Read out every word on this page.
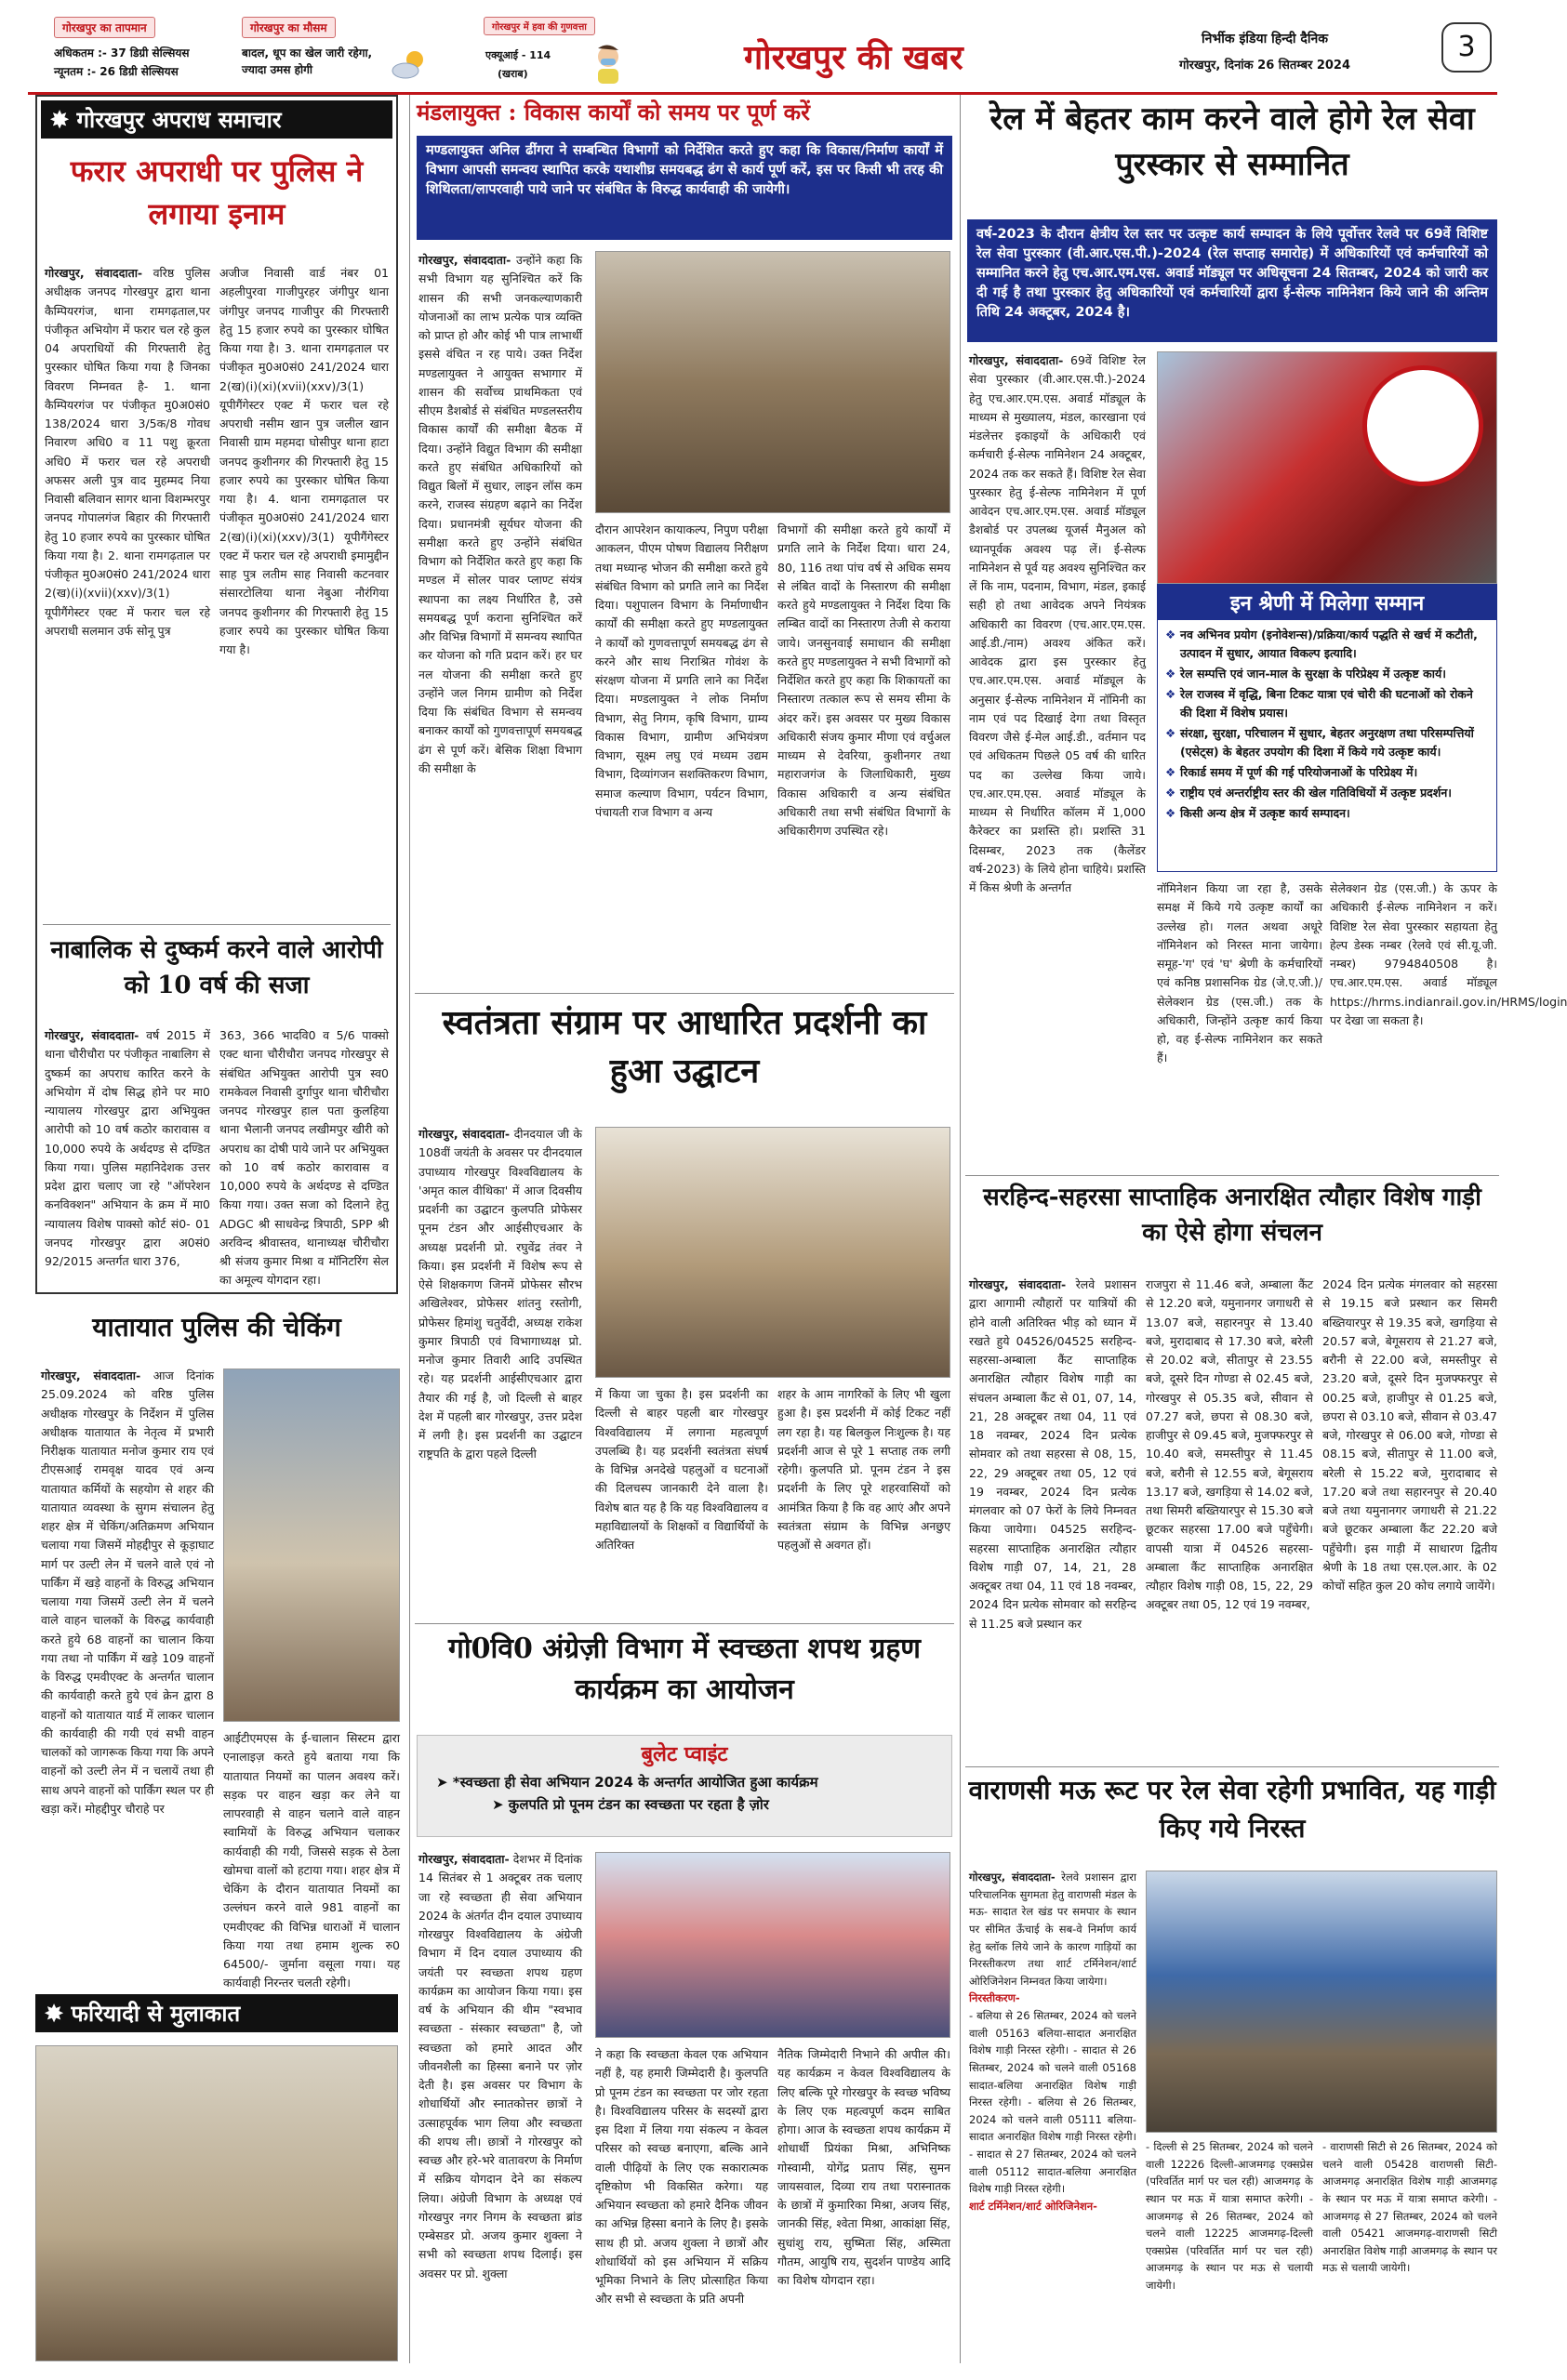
गोरखपुर का तापमान
अधिकतम :- 37 डिग्री सेल्सियस
न्यूनतम :- 26 डिग्री सेल्सियस
गोरखपुर का मौसम
बादल, धूप का खेल जारी रहेगा, ज्यादा उमस होगी
गोरखपुर में हवा की गुणवत्ता
एक्यूआई - 114
(खराब)	गोरखपुर की खबर	निर्भीक इंडिया हिन्दी दैनिक
गोरखपुर, दिनांक 26 सितम्बर 2024
3
✸ गोरखपुर अपराध समाचार
फरार अपराधी पर पुलिस ने लगाया इनाम
गोरखपुर, संवाददाता- वरिष्ठ पुलिस अधीक्षक जनपद गोरखपुर द्वारा थाना कैम्पियरगंज, थाना रामगढ़ताल,पर पंजीकृत अभियोग में फरार चल रहे कुल 04 अपराधियों की गिरफ्तारी हेतु पुरस्कार घोषित किया गया है जिनका विवरण निम्नवत है- 1. थाना कैम्पियरगंज पर पंजीकृत मु0अ0सं0 138/2024 धारा 3/5क/8 गोवध निवारण अधि0 व 11 पशु क्रूरता अधि0 में फरार चल रहे अपराधी अफसर अली पुत्र वाद मुहम्मद निया निवासी बलिवान सागर थाना विशम्भरपुर जनपद गोपालगंज बिहार की गिरफ्तारी हेतु 10 हजार रुपये का पुरस्कार घोषित किया गया है। 2. थाना रामगढ़ताल पर पंजीकृत मु0अ0सं0 241/2024 धारा 2(ख)(i)(xvii)(xxv)/3(1) यूपीगैंगेस्टर एक्ट में फरार चल रहे अपराधी सलमान उर्फ सोनू पुत्र
अजीज निवासी वार्ड नंबर 01 अहलीपुरवा गाजीपुरहर जंगीपुर थाना जंगीपुर जनपद गाजीपुर की गिरफ्तारी हेतु 15 हजार रुपये का पुरस्कार घोषित किया गया है। 3. थाना रामगढ़ताल पर पंजीकृत मु0अ0सं0 241/2024 धारा 2(ख)(i)(xi)(xvii)(xxv)/3(1) यूपीगैंगेस्टर एक्ट में फरार चल रहे अपराधी नसीम खान पुत्र जलील खान निवासी ग्राम महमदा घोसीपुर थाना हाटा जनपद कुशीनगर की गिरफ्तारी हेतु 15 हजार रुपये का पुरस्कार घोषित किया गया है। 4. थाना रामगढ़ताल पर पंजीकृत मु0अ0सं0 241/2024 धारा 2(ख)(i)(xi)(xxv)/3(1) यूपीगैंगेस्टर एक्ट में फरार चल रहे अपराधी इमामुद्दीन साह पुत्र लतीम साह निवासी कटनवार संसारटोलिया थाना नेबुआ नौरंगिया जनपद कुशीनगर की गिरफ्तारी हेतु 15 हजार रुपये का पुरस्कार घोषित किया गया है।
नाबालिक से दुष्कर्म करने वाले आरोपी को 10 वर्ष की सजा
गोरखपुर, संवाददाता- वर्ष 2015 में थाना चौरीचौरा पर पंजीकृत नाबालिग से दुष्कर्म का अपराध कारित करने के अभियोग में दोष सिद्ध होने पर मा0 न्यायालय गोरखपुर द्वारा अभियुक्त आरोपी को 10 वर्ष कठोर कारावास व 10,000 रुपये के अर्थदण्ड से दण्डित किया गया। पुलिस महानिदेशक उत्तर प्रदेश द्वारा चलाए जा रहे "ऑपरेशन कनविक्शन" अभियान के क्रम में मा0 न्यायालय विशेष पाक्सो कोर्ट सं0- 01 जनपद गोरखपुर द्वारा अ0सं0 92/2015 अन्तर्गत धारा 376,
363, 366 भादवि0 व 5/6 पाक्सो एक्ट थाना चौरीचौरा जनपद गोरखपुर से संबंधित अभियुक्त आरोपी पुत्र स्व0 रामकेवल निवासी दुर्गापुर थाना चौरीचौरा जनपद गोरखपुर हाल पता कुलहिया थाना भैलानी जनपद लखीमपुर खीरी को अपराध का दोषी पाये जाने पर अभियुक्त को 10 वर्ष कठोर कारावास व 10,000 रुपये के अर्थदण्ड से दण्डित किया गया। उक्त सजा को दिलाने हेतु ADGC श्री साधवेन्द्र त्रिपाठी, SPP श्री अरविन्द श्रीवास्तव, थानाध्यक्ष चौरीचौरा श्री संजय कुमार मिश्रा व मॉनिटरिंग सेल का अमूल्य योगदान रहा।
यातायात पुलिस की चेकिंग
गोरखपुर, संवाददाता- आज दिनांक 25.09.2024 को वरिष्ठ पुलिस अधीक्षक गोरखपुर के निर्देशन में पुलिस अधीक्षक यातायात के नेतृत्व में प्रभारी निरीक्षक यातायात मनोज कुमार राय एवं टीएसआई रामवृक्ष यादव एवं अन्य यातायात कर्मियों के सहयोग से शहर की यातायात व्यवस्था के सुगम संचालन हेतु शहर क्षेत्र में चेकिंग/अतिक्रमण अभियान चलाया गया जिसमें मोहद्दीपुर से कूड़ाघाट मार्ग पर उल्टी लेन में चलने वाले एवं नो पार्किंग में खड़े वाहनों के विरुद्ध अभियान चलाया गया जिसमें उल्टी लेन में चलने वाले वाहन चालकों के विरुद्ध कार्यवाही करते हुये 68 वाहनों का चालान किया गया तथा नो पार्किंग में खड़े 109 वाहनों के विरुद्ध एमवीएक्ट के अन्तर्गत चालान की कार्यवाही करते हुये एवं क्रेन द्वारा 8 वाहनों को यातायात यार्ड में लाकर चालान की कार्यवाही की गयी एवं सभी वाहन चालकों को जागरूक किया गया कि अपने वाहनों को उल्टी लेन में न चलायें तथा ही साथ अपने वाहनों को पार्किंग स्थल पर ही खड़ा करें। मोहद्दीपुर चौराहे पर
आईटीएमएस के ई-चालान सिस्टम द्वारा एनालाइज़ करते हुये बताया गया कि यातायात नियमों का पालन अवश्य करें। सड़क पर वाहन खड़ा कर लेने या लापरवाही से वाहन चलाने वाले वाहन स्वामियों के विरुद्ध अभियान चलाकर कार्यवाही की गयी, जिससे सड़क से ठेला खोमचा वालों को हटाया गया। शहर क्षेत्र में चेकिंग के दौरान यातायात नियमों का उल्लंघन करने वाले 981 वाहनों का एमवीएक्ट की विभिन्न धाराओं में चालान किया गया तथा हमाम शुल्क रु0 64500/- जुर्माना वसूला गया। यह कार्यवाही निरन्तर चलती रहेगी।
✸ फरियादी से मुलाकात
मंडलायुक्त : विकास कार्यों को समय पर पूर्ण करें
मण्डलायुक्त अनिल ढींगरा ने सम्बन्धित विभागों को निर्देशित करते हुए कहा कि विकास/निर्माण कार्यों में विभाग आपसी समन्वय स्थापित करके यथाशीघ्र समयबद्ध ढंग से कार्य पूर्ण करें, इस पर किसी भी तरह की शिथिलता/लापरवाही पाये जाने पर संबंधित के विरुद्ध कार्यवाही की जायेगी।
गोरखपुर, संवाददाता- उन्होंने कहा कि सभी विभाग यह सुनिश्चित करें कि शासन की सभी जनकल्याणकारी योजनाओं का लाभ प्रत्येक पात्र व्यक्ति को प्राप्त हो और कोई भी पात्र लाभार्थी इससे वंचित न रह पाये। उक्त निर्देश मण्डलायुक्त ने आयुक्त सभागार में शासन की सर्वोच्च प्राथमिकता एवं सीएम डैशबोर्ड से संबंधित मण्डलस्तरीय विकास कार्यों की समीक्षा बैठक में दिया। उन्होंने विद्युत विभाग की समीक्षा करते हुए संबंधित अधिकारियों को विद्युत बिलों में सुधार, लाइन लॉस कम करने, राजस्व संग्रहण बढ़ाने का निर्देश दिया। प्रधानमंत्री सूर्यघर योजना की समीक्षा करते हुए उन्होंने संबंधित विभाग को निर्देशित करते हुए कहा कि मण्डल में सोलर पावर प्लाण्ट संयंत्र स्थापना का लक्ष्य निर्धारित है, उसे समयबद्ध पूर्ण कराना सुनिश्चित करें और विभिन्न विभागों में समन्वय स्थापित कर योजना को गति प्रदान करें। हर घर नल योजना की समीक्षा करते हुए उन्होंने जल निगम ग्रामीण को निर्देश दिया कि संबंधित विभाग से समन्वय बनाकर कार्यों को गुणवत्तापूर्ण समयबद्ध ढंग से पूर्ण करें। बेसिक शिक्षा विभाग की समीक्षा के
दौरान आपरेशन कायाकल्प, निपुण परीक्षा आकलन, पीएम पोषण विद्यालय निरीक्षण तथा मध्यान्ह भोजन की समीक्षा करते हुये संबंधित विभाग को प्रगति लाने का निर्देश दिया। पशुपालन विभाग के निर्माणाधीन कार्यों की समीक्षा करते हुए मण्डलायुक्त ने कार्यों को गुणवत्तापूर्ण समयबद्ध ढंग से करने और साथ निराश्रित गोवंश के संरक्षण योजना में प्रगति लाने का निर्देश दिया। मण्डलायुक्त ने लोक निर्माण विभाग, सेतु निगम, कृषि विभाग, ग्राम्य विकास विभाग, ग्रामीण अभियंत्रण विभाग, सूक्ष्म लघु एवं मध्यम उद्यम विभाग, दिव्यांगजन सशक्तिकरण विभाग, समाज कल्याण विभाग, पर्यटन विभाग, पंचायती राज विभाग व अन्य
विभागों की समीक्षा करते हुये कार्यों में प्रगति लाने के निर्देश दिया। धारा 24, 80, 116 तथा पांच वर्ष से अधिक समय से लंबित वादों के निस्तारण की समीक्षा करते हुये मण्डलायुक्त ने निर्देश दिया कि लम्बित वादों का निस्तारण तेजी से कराया जाये। जनसुनवाई समाधान की समीक्षा करते हुए मण्डलायुक्त ने सभी विभागों को निर्देशित करते हुए कहा कि शिकायतों का निस्तारण तत्काल रूप से समय सीमा के अंदर करें। इस अवसर पर मुख्य विकास अधिकारी संजय कुमार मीणा एवं वर्चुअल माध्यम से देवरिया, कुशीनगर तथा महाराजगंज के जिलाधिकारी, मुख्य विकास अधिकारी व अन्य संबंधित अधिकारी तथा सभी संबंधित विभागों के अधिकारीगण उपस्थित रहे।
स्वतंत्रता संग्राम पर आधारित प्रदर्शनी का हुआ उद्घाटन
गोरखपुर, संवाददाता- दीनदयाल जी के 108वीं जयंती के अवसर पर दीनदयाल उपाध्याय गोरखपुर विश्वविद्यालय के 'अमृत काल वीथिका' में आज दिवसीय प्रदर्शनी का उद्घाटन कुलपति प्रोफेसर पूनम टंडन और आईसीएचआर के अध्यक्ष प्रदर्शनी प्रो. रघुवेंद्र तंवर ने किया। इस प्रदर्शनी में विशेष रूप से ऐसे शिक्षकगण जिनमें प्रोफेसर सौरभ अखिलेश्वर, प्रोफेसर शांतनु रस्तोगी, प्रोफेसर हिमांशु चतुर्वेदी, अध्यक्ष राकेश कुमार त्रिपाठी एवं विभागाध्यक्ष प्रो. मनोज कुमार तिवारी आदि उपस्थित रहे। यह प्रदर्शनी आईसीएचआर द्वारा तैयार की गई है, जो दिल्ली से बाहर देश में पहली बार गोरखपुर, उत्तर प्रदेश में लगी है। इस प्रदर्शनी का उद्घाटन राष्ट्रपति के द्वारा पहले दिल्ली
में किया जा चुका है। इस प्रदर्शनी का दिल्ली से बाहर पहली बार गोरखपुर विश्वविद्यालय में लगाना महत्वपूर्ण उपलब्धि है। यह प्रदर्शनी स्वतंत्रता संघर्ष के विभिन्न अनदेखे पहलुओं व घटनाओं की दिलचस्प जानकारी देने वाला है। विशेष बात यह है कि यह विश्वविद्यालय व महाविद्यालयों के शिक्षकों व विद्यार्थियों के अतिरिक्त
शहर के आम नागरिकों के लिए भी खुला हुआ है। इस प्रदर्शनी में कोई टिकट नहीं लग रहा है। यह बिलकुल निःशुल्क है। यह प्रदर्शनी आज से पूरे 1 सप्ताह तक लगी रहेगी। कुलपति प्रो. पूनम टंडन ने इस प्रदर्शनी के लिए पूरे शहरवासियों को आमंत्रित किया है कि वह आएं और अपने स्वतंत्रता संग्राम के विभिन्न अनछुए पहलुओं से अवगत हों।
गो0वि0 अंग्रेज़ी विभाग में स्वच्छता शपथ ग्रहण कार्यक्रम का आयोजन
बुलेट प्वाइंट
➤ *स्वच्छता ही सेवा अभियान 2024 के अन्तर्गत आयोजित हुआ कार्यक्रम
➤ कुलपति प्रो पूनम टंडन का स्वच्छता पर रहता है ज़ोर
गोरखपुर, संवाददाता- देशभर में दिनांक 14 सितंबर से 1 अक्टूबर तक चलाए जा रहे स्वच्छता ही सेवा अभियान 2024 के अंतर्गत दीन दयाल उपाध्याय गोरखपुर विश्वविद्यालय के अंग्रेजी विभाग में दिन दयाल उपाध्याय की जयंती पर स्वच्छता शपथ ग्रहण कार्यक्रम का आयोजन किया गया। इस वर्ष के अभियान की थीम "स्वभाव स्वच्छता - संस्कार स्वच्छता" है, जो स्वच्छता को हमारे आदत और जीवनशैली का हिस्सा बनाने पर ज़ोर देती है। इस अवसर पर विभाग के शोधार्थियों और स्नातकोत्तर छात्रों ने उत्साहपूर्वक भाग लिया और स्वच्छता की शपथ ली। छात्रों ने गोरखपुर को स्वच्छ और हरे-भरे वातावरण के निर्माण में सक्रिय योगदान देने का संकल्प लिया। अंग्रेजी विभाग के अध्यक्ष एवं गोरखपुर नगर निगम के स्वच्छता ब्रांड एम्बेसडर प्रो. अजय कुमार शुक्ला ने सभी को स्वच्छता शपथ दिलाई। इस अवसर पर प्रो. शुक्ला
ने कहा कि स्वच्छता केवल एक अभियान नहीं है, यह हमारी जिम्मेदारी है। कुलपति प्रो पूनम टंडन का स्वच्छता पर जोर रहता है। विश्वविद्यालय परिसर के सदस्यों द्वारा इस दिशा में लिया गया संकल्प न केवल परिसर को स्वच्छ बनाएगा, बल्कि आने वाली पीढ़ियों के लिए एक सकारात्मक दृष्टिकोण भी विकसित करेगा। यह अभियान स्वच्छता को हमारे दैनिक जीवन का अभिन्न हिस्सा बनाने के लिए है। इसके साथ ही प्रो. अजय शुक्ला ने छात्रों और शोधार्थियों को इस अभियान में सक्रिय भूमिका निभाने के लिए प्रोत्साहित किया और सभी से स्वच्छता के प्रति अपनी
नैतिक जिम्मेदारी निभाने की अपील की। यह कार्यक्रम न केवल विश्वविद्यालय के लिए बल्कि पूरे गोरखपुर के स्वच्छ भविष्य के लिए एक महत्वपूर्ण कदम साबित होगा। आज के स्वच्छता शपथ कार्यक्रम में शोधार्थी प्रियंका मिश्रा, अभिनिष्क गोस्वामी, योगेंद्र प्रताप सिंह, सुमन जायसवाल, दिव्या राय तथा परास्नातक के छात्रों में कुमारिका मिश्रा, अजय सिंह, जानकी सिंह, श्वेता मिश्रा, आकांक्षा सिंह, सुधांशु राय, सुष्मिता सिंह, अस्मिता गौतम, आयुषि राय, सुदर्शन पाण्डेय आदि का विशेष योगदान रहा।
रेल में बेहतर काम करने वाले होगे रेल सेवा पुरस्कार से सम्मानित
वर्ष-2023 के दौरान क्षेत्रीय रेल स्तर पर उत्कृष्ट कार्य सम्पादन के लिये पूर्वोत्तर रेलवे पर 69वें विशिष्ट रेल सेवा पुरस्कार (वी.आर.एस.पी.)-2024 (रेल सप्ताह समारोह) में अधिकारियों एवं कर्मचारियों को सम्मानित करने हेतु एच.आर.एम.एस. अवार्ड मॉड्यूल पर अधिसूचना 24 सितम्बर, 2024 को जारी कर दी गई है तथा पुरस्कार हेतु अधिकारियों एवं कर्मचारियों द्वारा ई-सेल्फ नामिनेशन किये जाने की अन्तिम तिथि 24 अक्टूबर, 2024 है।
गोरखपुर, संवाददाता- 69वें विशिष्ट रेल सेवा पुरस्कार (वी.आर.एस.पी.)-2024 हेतु एच.आर.एम.एस. अवार्ड मॉड्यूल के माध्यम से मुख्यालय, मंडल, कारखाना एवं मंडलेत्तर इकाइयों के अधिकारी एवं कर्मचारी ई-सेल्फ नामिनेशन 24 अक्टूबर, 2024 तक कर सकते हैं। विशिष्ट रेल सेवा पुरस्कार हेतु ई-सेल्फ नामिनेशन में पूर्ण आवेदन एच.आर.एम.एस. अवार्ड मॉड्यूल डैशबोर्ड पर उपलब्ध यूजर्स मैनुअल को ध्यानपूर्वक अवश्य पढ़ लें। ई-सेल्फ नामिनेशन से पूर्व यह अवश्य सुनिश्चित कर लें कि नाम, पदनाम, विभाग, मंडल, इकाई सही हो तथा आवेदक अपने नियंत्रक अधिकारी का विवरण (एच.आर.एम.एस. आई.डी./नाम) अवश्य अंकित करें। आवेदक द्वारा इस पुरस्कार हेतु एच.आर.एम.एस. अवार्ड मॉड्यूल के अनुसार ई-सेल्फ नामिनेशन में नॉमिनी का नाम एवं पद दिखाई देगा तथा विस्तृत विवरण जैसे ई-मेल आई.डी., वर्तमान पद एवं अधिकतम पिछले 05 वर्ष की धारित पद का उल्लेख किया जाये। एच.आर.एम.एस. अवार्ड मॉड्यूल के माध्यम से निर्धारित कॉलम में 1,000 कैरेक्टर का प्रशस्ति हो। प्रशस्ति 31 दिसम्बर, 2023 तक (कैलेंडर वर्ष-2023) के लिये होना चाहिये। प्रशस्ति में किस श्रेणी के अन्तर्गत
इन श्रेणी में मिलेगा सम्मान
❖ नव अभिनव प्रयोग (इनोवेशन्स)/प्रक्रिया/कार्य पद्धति से खर्च में कटौती, उत्पादन में सुधार, आयात विकल्प इत्यादि।
❖ रेल सम्पत्ति एवं जान-माल के सुरक्षा के परिप्रेक्ष्य में उत्कृष्ट कार्य।
❖ रेल राजस्व में वृद्धि, बिना टिकट यात्रा एवं चोरी की घटनाओं को रोकने की दिशा में विशेष प्रयास।
❖ संरक्षा, सुरक्षा, परिचालन में सुधार, बेहतर अनुरक्षण तथा परिसम्पत्तियों (एसेट्स) के बेहतर उपयोग की दिशा में किये गये उत्कृष्ट कार्य।
❖ रिकार्ड समय में पूर्ण की गई परियोजनाओं के परिप्रेक्ष्य में।
❖ राष्ट्रीय एवं अन्तर्राष्ट्रीय स्तर की खेल गतिविधियों में उत्कृष्ट प्रदर्शन।
❖ किसी अन्य क्षेत्र में उत्कृष्ट कार्य सम्पादन।
नॉमिनेशन किया जा रहा है, उसके समक्ष में किये गये उत्कृष्ट कार्यों का उल्लेख हो। गलत अथवा अधूरे नॉमिनेशन को निरस्त माना जायेगा। समूह-'ग' एवं 'घ' श्रेणी के कर्मचारियों एवं कनिष्ठ प्रशासनिक ग्रेड (जे.ए.जी.)/सेलेक्शन ग्रेड (एस.जी.) तक के अधिकारी, जिन्होंने उत्कृष्ट कार्य किया हो, वह ई-सेल्फ नामिनेशन कर सकते हैं।
सेलेक्शन ग्रेड (एस.जी.) के ऊपर के अधिकारी ई-सेल्फ नामिनेशन न करें। विशिष्ट रेल सेवा पुरस्कार सहायता हेतु हेल्प डेस्क नम्बर (रेलवे एवं सी.यू.जी. नम्बर) 9794840508 है। एच.आर.एम.एस. अवार्ड मॉड्यूल https://hrms.indianrail.gov.in/HRMS/login पर देखा जा सकता है।
सरहिन्द-सहरसा साप्ताहिक अनारक्षित त्यौहार विशेष गाड़ी का ऐसे होगा संचलन
गोरखपुर, संवाददाता- रेलवे प्रशासन द्वारा आगामी त्यौहारों पर यात्रियों की होने वाली अतिरिक्त भीड़ को ध्यान में रखते हुये 04526/04525 सरहिन्द-सहरसा-अम्बाला कैंट साप्ताहिक अनारक्षित त्यौहार विशेष गाड़ी का संचलन अम्बाला कैंट से 01, 07, 14, 21, 28 अक्टूबर तथा 04, 11 एवं 18 नवम्बर, 2024 दिन प्रत्येक सोमवार को तथा सहरसा से 08, 15, 22, 29 अक्टूबर तथा 05, 12 एवं 19 नवम्बर, 2024 दिन प्रत्येक मंगलवार को 07 फेरों के लिये निम्नवत किया जायेगा। 04525 सरहिन्द-सहरसा साप्ताहिक अनारक्षित त्यौहार विशेष गाड़ी 07, 14, 21, 28 अक्टूबर तथा 04, 11 एवं 18 नवम्बर, 2024 दिन प्रत्येक सोमवार को सरहिन्द से 11.25 बजे प्रस्थान कर
राजपुरा से 11.46 बजे, अम्बाला कैंट से 12.20 बजे, यमुनानगर जगाधरी से 13.07 बजे, सहारनपुर से 13.40 बजे, मुरादाबाद से 17.30 बजे, बरेली से 20.02 बजे, सीतापुर से 23.55 बजे, दूसरे दिन गोण्डा से 02.45 बजे, गोरखपुर से 05.35 बजे, सीवान से 07.27 बजे, छपरा से 08.30 बजे, हाजीपुर से 09.45 बजे, मुजफ्फरपुर से 10.40 बजे, समस्तीपुर से 11.45 बजे, बरौनी से 12.55 बजे, बेगूसराय 13.17 बजे, खगड़िया से 14.02 बजे, तथा सिमरी बख्तियारपुर से 15.30 बजे छूटकर सहरसा 17.00 बजे पहुँचेगी। वापसी यात्रा में 04526 सहरसा-अम्बाला कैंट साप्ताहिक अनारक्षित त्यौहार विशेष गाड़ी 08, 15, 22, 29 अक्टूबर तथा 05, 12 एवं 19 नवम्बर,
2024 दिन प्रत्येक मंगलवार को सहरसा से 19.15 बजे प्रस्थान कर सिमरी बख्तियारपुर से 19.35 बजे, खगड़िया से 20.57 बजे, बेगूसराय से 21.27 बजे, बरौनी से 22.00 बजे, समस्तीपुर से 23.20 बजे, दूसरे दिन मुजफ्फरपुर से 00.25 बजे, हाजीपुर से 01.25 बजे, छपरा से 03.10 बजे, सीवान से 03.47 बजे, गोरखपुर से 06.00 बजे, गोण्डा से 08.15 बजे, सीतापुर से 11.00 बजे, बरेली से 15.22 बजे, मुरादाबाद से 17.20 बजे तथा सहारनपुर से 20.40 बजे तथा यमुनानगर जगाधरी से 21.22 बजे छूटकर अम्बाला कैंट 22.20 बजे पहुँचेगी। इस गाड़ी में साधारण द्वितीय श्रेणी के 18 तथा एस.एल.आर. के 02 कोचों सहित कुल 20 कोच लगाये जायेंगे।
वाराणसी मऊ रूट पर रेल सेवा रहेगी प्रभावित, यह गाड़ी किए गये निरस्त
गोरखपुर, संवाददाता- रेलवे प्रशासन द्वारा परिचालनिक सुगमता हेतु वाराणसी मंडल के मऊ- सादात रेल खंड पर समपार के स्थान पर सीमित ऊँचाई के सब-वे निर्माण कार्य हेतु ब्लॉक लिये जाने के कारण गाड़ियों का निरस्तीकरण तथा शार्ट टर्मिनेशन/शार्ट ओरिजिनेशन निम्नवत किया जायेगा।
निरस्तीकरण-
- बलिया से 26 सितम्बर, 2024 को चलने वाली 05163 बलिया-सादात अनारक्षित विशेष गाड़ी निरस्त रहेगी। - सादात से 26 सितम्बर, 2024 को चलने वाली 05168 सादात-बलिया अनारक्षित विशेष गाड़ी निरस्त रहेगी। - बलिया से 26 सितम्बर, 2024 को चलने वाली 05111 बलिया-सादात अनारक्षित विशेष गाड़ी निरस्त रहेगी। - सादात से 27 सितम्बर, 2024 को चलने वाली 05112 सादात-बलिया अनारक्षित विशेष गाड़ी निरस्त रहेगी।
शार्ट टर्मिनेशन/शार्ट ओरिजिनेशन-
- दिल्ली से 25 सितम्बर, 2024 को चलने वाली 12226 दिल्ली-आजमगढ़ एक्सप्रेस (परिवर्तित मार्ग पर चल रही) आजमगढ़ के स्थान पर मऊ में यात्रा समाप्त करेगी। - आजमगढ़ से 26 सितम्बर, 2024 को चलने वाली 12225 आजमगढ़-दिल्ली एक्सप्रेस (परिवर्तित मार्ग पर चल रही) आजमगढ़ के स्थान पर मऊ से चलायी जायेगी।
- वाराणसी सिटी से 26 सितम्बर, 2024 को चलने वाली 05428 वाराणसी सिटी-आजमगढ़ अनारक्षित विशेष गाड़ी आजमगढ़ के स्थान पर मऊ में यात्रा समाप्त करेगी। - आजमगढ़ से 27 सितम्बर, 2024 को चलने वाली 05421 आजमगढ़-वाराणसी सिटी अनारक्षित विशेष गाड़ी आजमगढ़ के स्थान पर मऊ से चलायी जायेगी।
